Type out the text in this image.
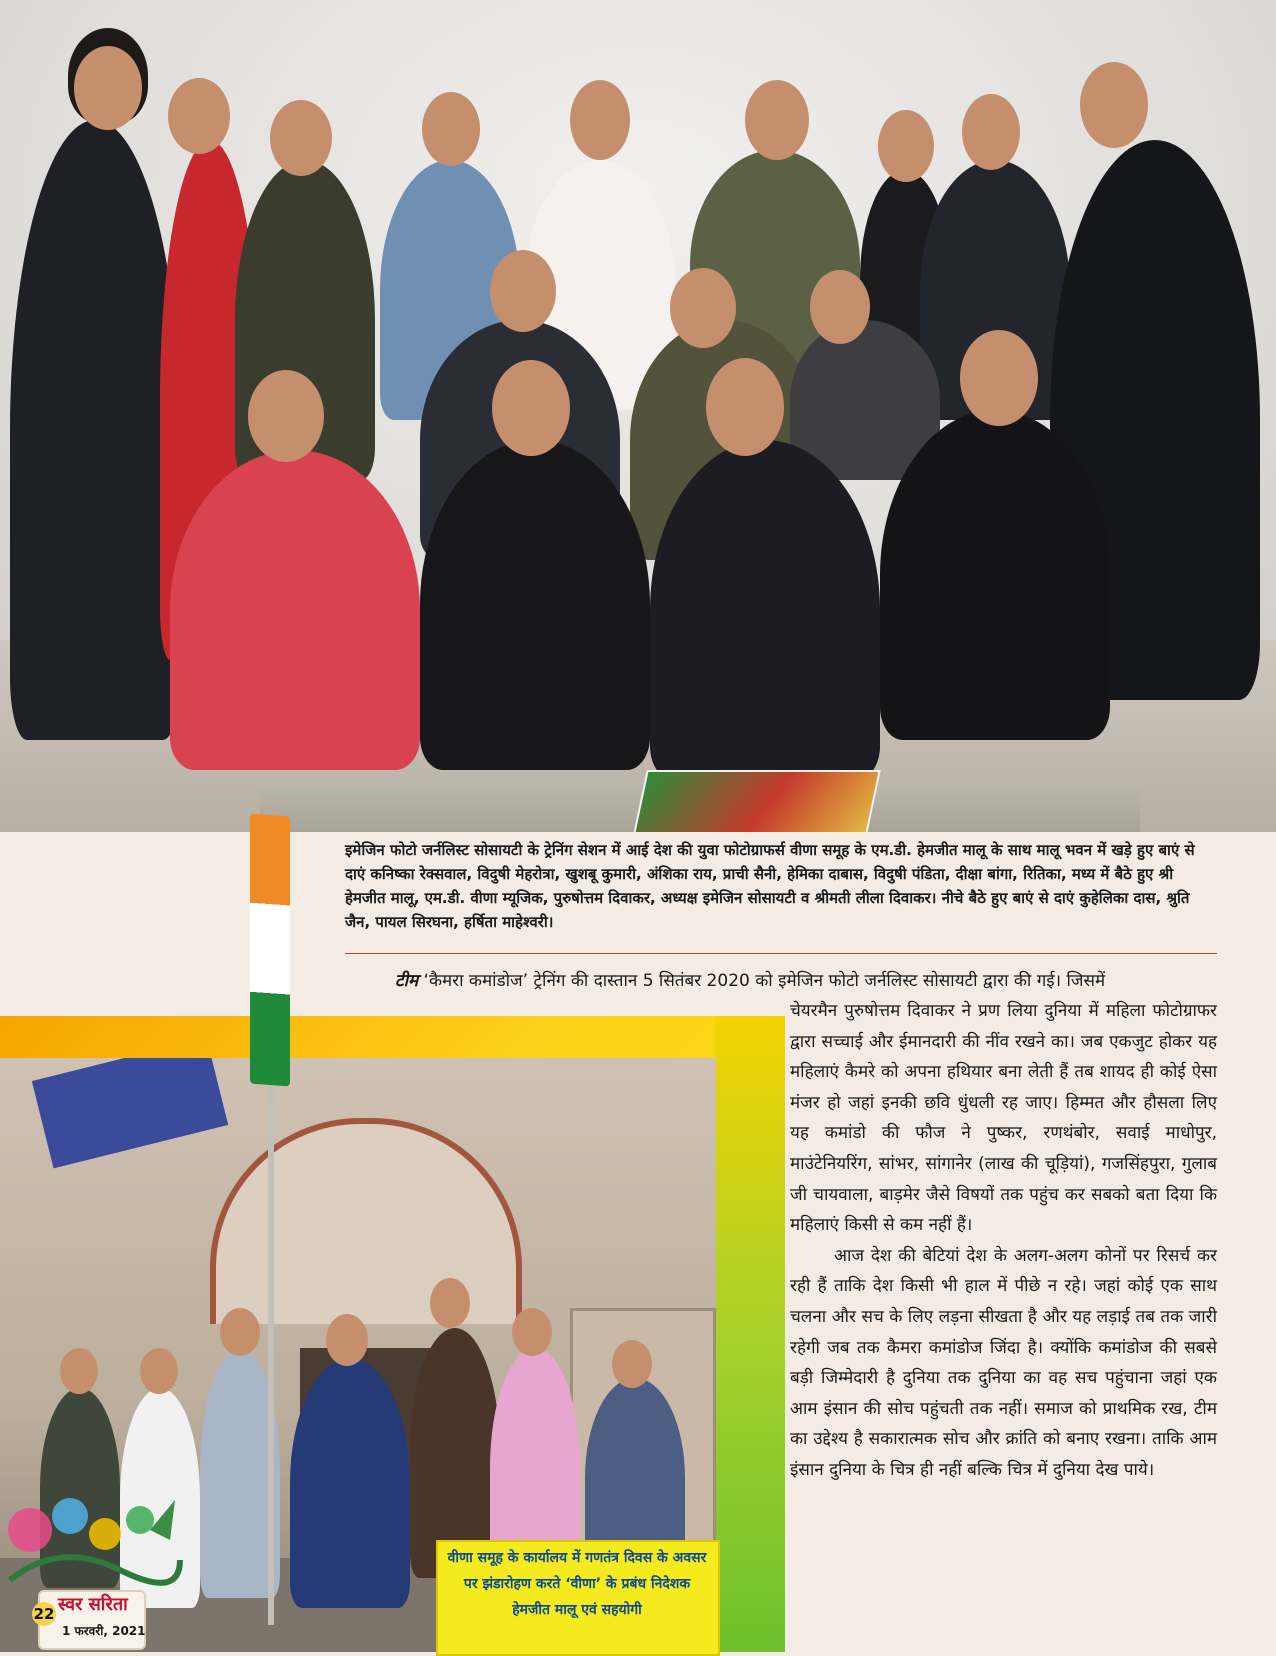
इमेजिन फोटो जर्नलिस्ट सोसायटी के ट्रेनिंग सेशन में आई देश की युवा फोटोग्राफर्स वीणा समूह के एम.डी. हेमजीत मालू के साथ मालू भवन में खड़े हुए बाएं से दाएं कनिष्का रेक्सवाल, विदुषी मेहरोत्रा, खुशबू कुमारी, अंशिका राय, प्राची सैनी, हेमिका दाबास, विदुषी पंडिता, दीक्षा बांगा, रितिका, मध्य में बैठे हुए श्री हेमजीत मालू, एम.डी. वीणा म्यूजिक, पुरुषोत्तम दिवाकर, अध्यक्ष इमेजिन सोसायटी व श्रीमती लीला दिवाकर। नीचे बैठे हुए बाएं से दाएं कुहेलिका दास, श्रुति जैन, पायल सिरघना, हर्षिता माहेश्वरी।
टीम ‘कैमरा कमांडोज’ ट्रेनिंग की दास्तान 5 सितंबर 2020 को इमेजिन फोटो जर्नलिस्ट सोसायटी द्वारा की गई। जिसमें

चेयरमैन पुरुषोत्तम दिवाकर ने प्रण लिया दुनिया में महिला फोटोग्राफर द्वारा सच्चाई और ईमानदारी की नींव रखने का। जब एकजुट होकर यह महिलाएं कैमरे को अपना हथियार बना लेती हैं तब शायद ही कोई ऐसा मंजर हो जहां इनकी छवि धुंधली रह जाए। हिम्मत और हौसला लिए यह कमांडो की फौज ने पुष्कर, रणथंबोर, सवाई माधोपुर, माउंटेनियरिंग, सांभर, सांगानेर (लाख की चूड़ियां), गजसिंहपुरा, गुलाब जी चायवाला, बाड़मेर जैसे विषयों तक पहुंच कर सबको बता दिया कि महिलाएं किसी से कम नहीं हैं।

आज देश की बेटियां देश के अलग-अलग कोनों पर रिसर्च कर रही हैं ताकि देश किसी भी हाल में पीछे न रहे। जहां कोई एक साथ चलना और सच के लिए लड़ना सीखता है और यह लड़ाई तब तक जारी रहेगी जब तक कैमरा कमांडोज जिंदा है। क्योंकि कमांडोज की सबसे बड़ी जिम्मेदारी है दुनिया तक दुनिया का वह सच पहुंचाना जहां एक आम इंसान की सोच पहुंचती तक नहीं। समाज को प्राथमिक रख, टीम का उद्देश्य है सकारात्मक सोच और क्रांति को बनाए रखना। ताकि आम इंसान दुनिया के चित्र ही नहीं बल्कि चित्र में दुनिया देख पाये।

वीणा समूह के कार्यालय में गणतंत्र दिवस के अवसर पर झंडारोहण करते ‘वीणा’ के प्रबंध निदेशक हेमजीत मालू एवं सहयोगी
22 स्वर सरिता
1 फरवरी, 2021
